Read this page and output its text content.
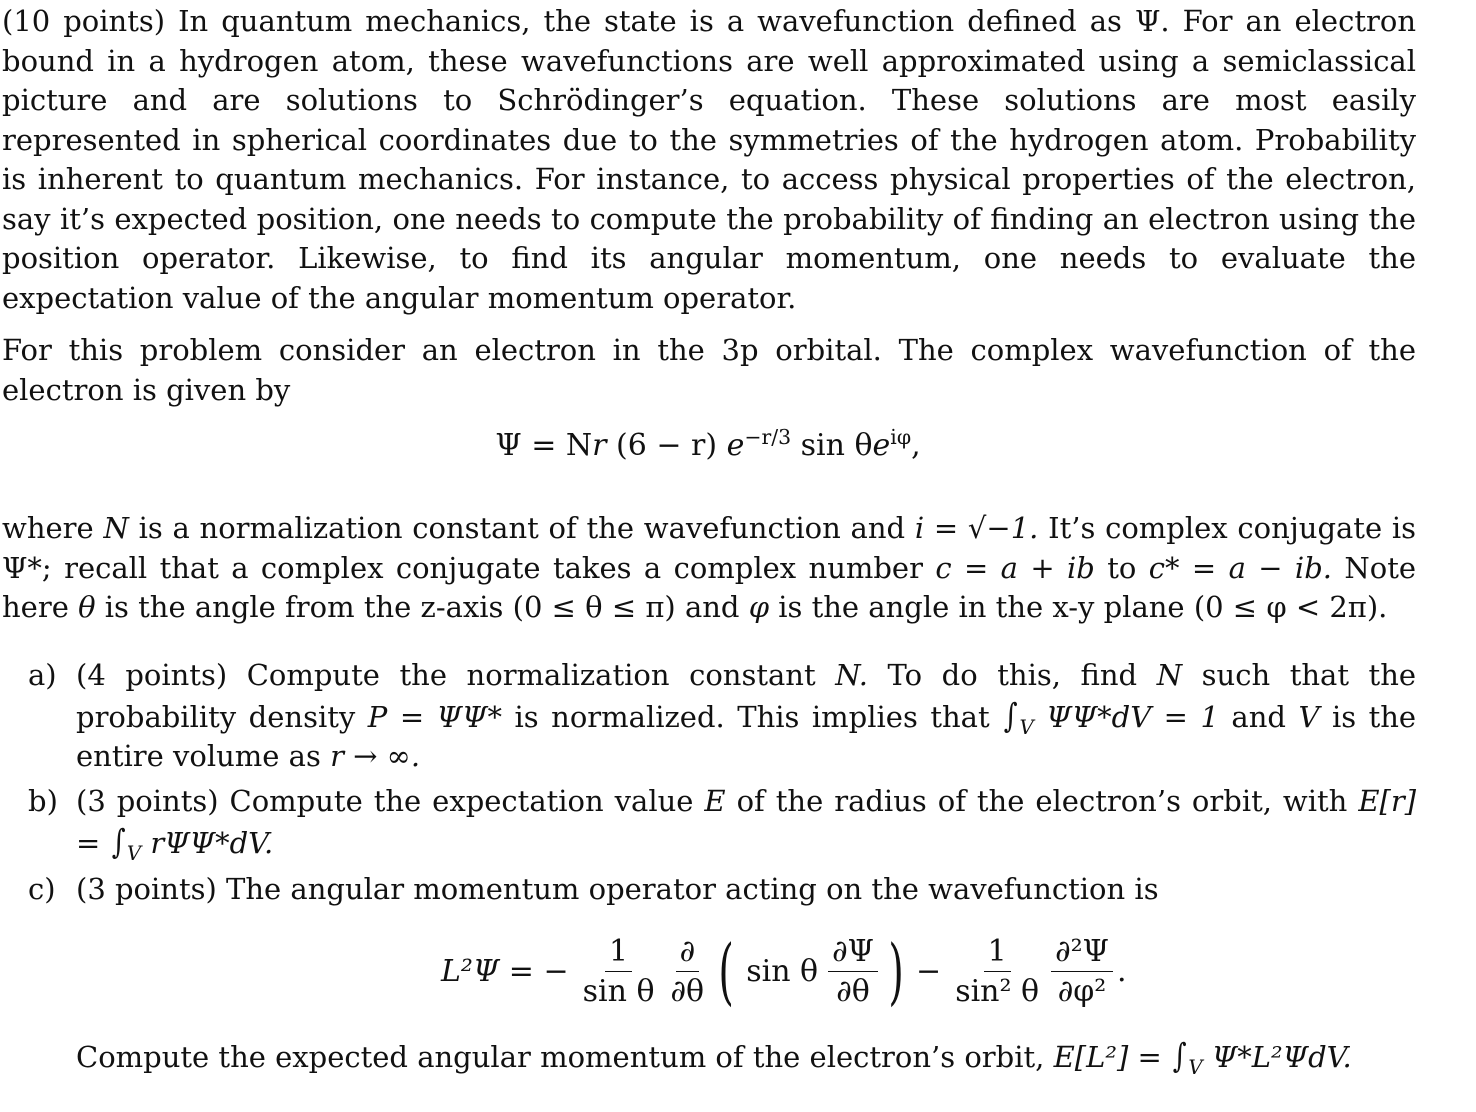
(10 points) In quantum mechanics, the state is a wavefunction defined as Ψ. For an electron bound in a hydrogen atom, these wavefunctions are well approximated using a semiclassical picture and are solutions to Schrödinger’s equation. These solutions are most easily represented in spherical coordinates due to the symmetries of the hydrogen atom. Probability is inherent to quantum mechanics. For instance, to access physical properties of the electron, say it’s expected position, one needs to compute the probability of finding an electron using the position operator. Likewise, to find its angular momentum, one needs to evaluate the expectation value of the angular momentum operator.

For this problem consider an electron in the 3p orbital. The complex wavefunction of the electron is given by

Ψ = Nr (6 − r) $e^{-r/3}$ $\sin \theta e^{i\varphi}$,

where N is a normalization constant of the wavefunction and i = √−1. It’s complex conjugate is Ψ*; recall that a complex conjugate takes a complex number c = a + ib to c* = a − ib. Note here θ is the angle from the z-axis (0 ≤ θ ≤ π) and φ is the angle in the x-y plane (0 ≤ φ < 2π).

a) (4 points) Compute the normalization constant N. To do this, find N such that the probability density P = ΨΨ* is normalized. This implies that $\int_V$ ΨΨ*dV = 1 and V is the entire volume as r → ∞.
b) (3 points) Compute the expectation value E of the radius of the electron’s orbit, with $E[r] = \int_V$ rΨΨ*dV.
c) (3 points) The angular momentum operator acting on the wavefunction is
L²Ψ = − $\frac{1}{\text{sin θ}} \frac{\partial}{\partial\theta}$ ( sin θ $\frac{\partial\Psi}{\partial\theta}$ ) − $\frac{1}{\text{sin² θ}} \frac{\text{∂²Ψ}}{\text{∂φ²}}$ .
Compute the expected angular momentum of the electron’s orbit, $E[L^2] = \int_V$ Ψ*L²ΨdV.
